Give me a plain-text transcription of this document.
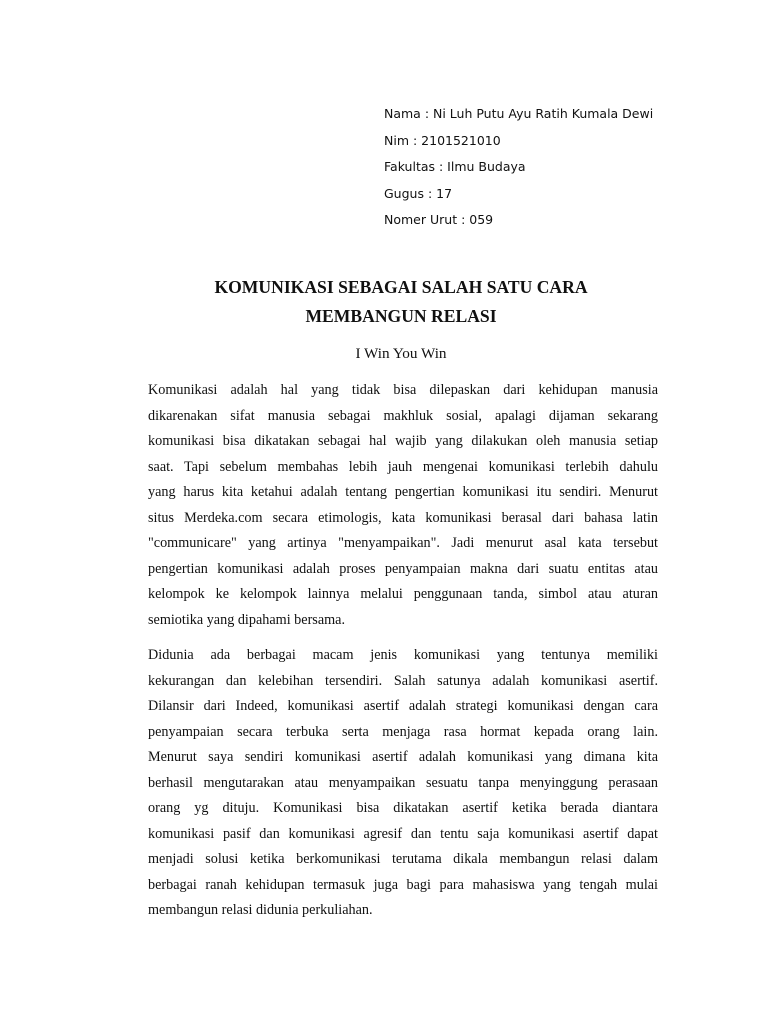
Nama : Ni Luh Putu Ayu Ratih Kumala Dewi
Nim : 2101521010
Fakultas : Ilmu Budaya
Gugus : 17
Nomer Urut : 059
KOMUNIKASI SEBAGAI SALAH SATU CARA
MEMBANGUN RELASI
I Win You Win
Komunikasi adalah hal yang tidak bisa dilepaskan dari kehidupan manusia
dikarenakan sifat manusia sebagai makhluk sosial, apalagi dijaman sekarang
komunikasi bisa dikatakan sebagai hal wajib yang dilakukan oleh manusia setiap
saat. Tapi sebelum membahas lebih jauh mengenai komunikasi terlebih dahulu
yang harus kita ketahui adalah tentang pengertian komunikasi itu sendiri. Menurut
situs Merdeka.com secara etimologis, kata komunikasi berasal dari bahasa latin
"communicare" yang artinya "menyampaikan". Jadi menurut asal kata tersebut
pengertian komunikasi adalah proses penyampaian makna dari suatu entitas atau
kelompok ke kelompok lainnya melalui penggunaan tanda, simbol atau aturan
semiotika yang dipahami bersama.
Didunia ada berbagai macam jenis komunikasi yang tentunya memiliki
kekurangan dan kelebihan tersendiri. Salah satunya adalah komunikasi asertif.
Dilansir dari Indeed, komunikasi asertif adalah strategi komunikasi dengan cara
penyampaian secara terbuka serta menjaga rasa hormat kepada orang lain.
Menurut saya sendiri komunikasi asertif adalah komunikasi yang dimana kita
berhasil mengutarakan atau menyampaikan sesuatu tanpa menyinggung perasaan
orang yg dituju. Komunikasi bisa dikatakan asertif ketika berada diantara
komunikasi pasif dan komunikasi agresif dan tentu saja komunikasi asertif dapat
menjadi solusi ketika berkomunikasi terutama dikala membangun relasi dalam
berbagai ranah kehidupan termasuk juga bagi para mahasiswa yang tengah mulai
membangun relasi didunia perkuliahan.
